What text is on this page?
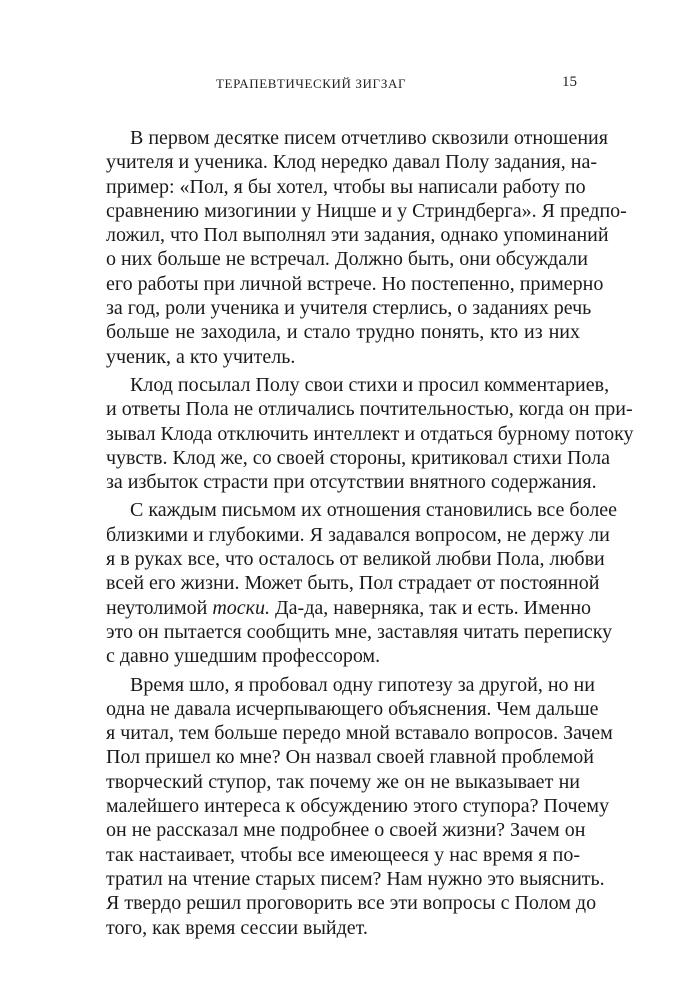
ТЕРАПЕВТИЧЕСКИЙ ЗИГЗАГ	15
В первом десятке писем отчетливо сквозили отношения
учителя и ученика. Клод нередко давал Полу задания, на-
пример: «Пол, я бы хотел, чтобы вы написали работу по
сравнению мизогинии у Ницше и у Стриндберга». Я предпо-
ложил, что Пол выполнял эти задания, однако упоминаний
о них больше не встречал. Должно быть, они обсуждали
его работы при личной встрече. Но постепенно, примерно
за год, роли ученика и учителя стерлись, о заданиях речь
больше не заходила, и стало трудно понять, кто из них
ученик, а кто учитель.
Клод посылал Полу свои стихи и просил комментариев,
и ответы Пола не отличались почтительностью, когда он при-
зывал Клода отключить интеллект и отдаться бурному потоку
чувств. Клод же, со своей стороны, критиковал стихи Пола
за избыток страсти при отсутствии внятного содержания.
С каждым письмом их отношения становились все более
близкими и глубокими. Я задавался вопросом, не держу ли
я в руках все, что осталось от великой любви Пола, любви
всей его жизни. Может быть, Пол страдает от постоянной
неутолимой тоски. Да-да, наверняка, так и есть. Именно
это он пытается сообщить мне, заставляя читать переписку
с давно ушедшим профессором.
Время шло, я пробовал одну гипотезу за другой, но ни
одна не давала исчерпывающего объяснения. Чем дальше
я читал, тем больше передо мной вставало вопросов. Зачем
Пол пришел ко мне? Он назвал своей главной проблемой
творческий ступор, так почему же он не выказывает ни
малейшего интереса к обсуждению этого ступора? Почему
он не рассказал мне подробнее о своей жизни? Зачем он
так настаивает, чтобы все имеющееся у нас время я по-
тратил на чтение старых писем? Нам нужно это выяснить.
Я твердо решил проговорить все эти вопросы с Полом до
того, как время сессии выйдет.
